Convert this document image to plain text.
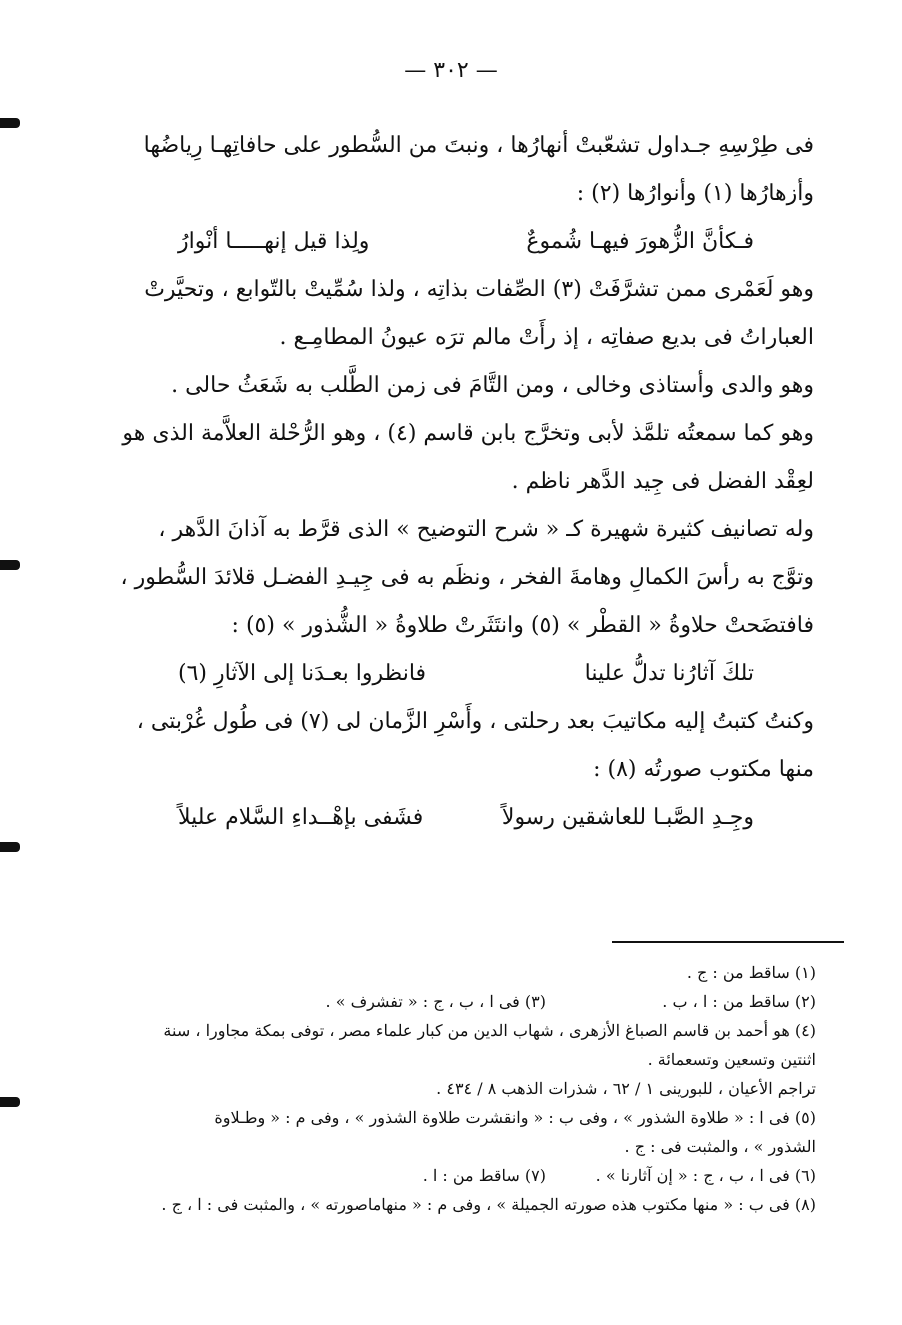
— ٣٠٢ —

فى طِرْسِهِ جـداول تشعّبتْ أنهارُها ، ونبتَ من السُّطور على حافاتِهـا رِياضُها

وأزهارُها (١) وأنوارُها (٢) :

فـكأنَّ الزُّهورَ فيهـا شُموعٌ
ولِذا قيل إنهـــــا أنْوارُ

وهو لَعَمْرى ممن تشرَّفَتْ (٣) الصِّفات بذاتِه ، ولذا سُمِّيتْ بالتّوابع ، وتحيَّرتْ

العباراتُ فى بديع صفاتِه ، إذ رأَتْ مالم ترَه عيونُ المطامِـع .

وهو والدى وأستاذى وخالى ، ومن التَّامَ فى زمن الطَّلب به شَعَثُ حالى .

وهو كما سمعتُه تلمَّذ لأبى وتخرَّج بابن قاسم (٤) ، وهو الرُّحْلة العلاَّمة الذى هو

لعِقْد الفضل فى جِيد الدَّهر ناظم .

وله تصانيف كثيرة شهيرة كـ « شرح التوضيح » الذى قرَّط به آذانَ الدَّهر ،

وتوَّج به رأسَ الكمالِ وهامةَ الفخر ، ونظَم به فى جِيـدِ الفضـل قلائدَ السُّطور ،

فافتضَحتْ حلاوةُ « القطْر » (٥) وانتَثَرتْ طلاوةُ « الشُّذور » (٥) :

تلكَ آثارُنا تدلُّ علينا
فانظروا بعـدَنا إلى الآثارِ (٦)

وكنتُ كتبتُ إليه مكاتيبَ بعد رحلتى ، وأَسْرِ الزَّمان لى (٧) فى طُول غُرْبتى ،

منها مكتوب صورتُه (٨) :

وجِـدِ الصَّبـا للعاشقين رسولاً
فشَفى بإهْــداءِ السَّلام عليلاً

(١) ساقط من : ج .

(٢) ساقط من : ا ، ب .
(٣) فى ا ، ب ، ج : « تفشرف » .

(٤) هو أحمد بن قاسم الصباغ الأزهرى ، شهاب الدين من كبار علماء مصر ، توفى بمكة مجاورا ، سنة

اثنتين وتسعين وتسعمائة .

تراجم الأعيان ، للبورينى ١ / ٦٢ ، شذرات الذهب ٨ / ٤٣٤ .

(٥) فى ا : « طلاوة الشذور » ، وفى ب : « وانقشرت طلاوة الشذور » ، وفى م : « وطـلاوة

الشذور » ، والمثبت فى : ج .

(٦) فى ا ، ب ، ج : « إن آثارنا » .
(٧) ساقط من : ا .

(٨) فى ب : « منها مكتوب هذه صورته الجميلة » ، وفى م : « منهاماصورته » ، والمثبت فى : ا ، ج .
